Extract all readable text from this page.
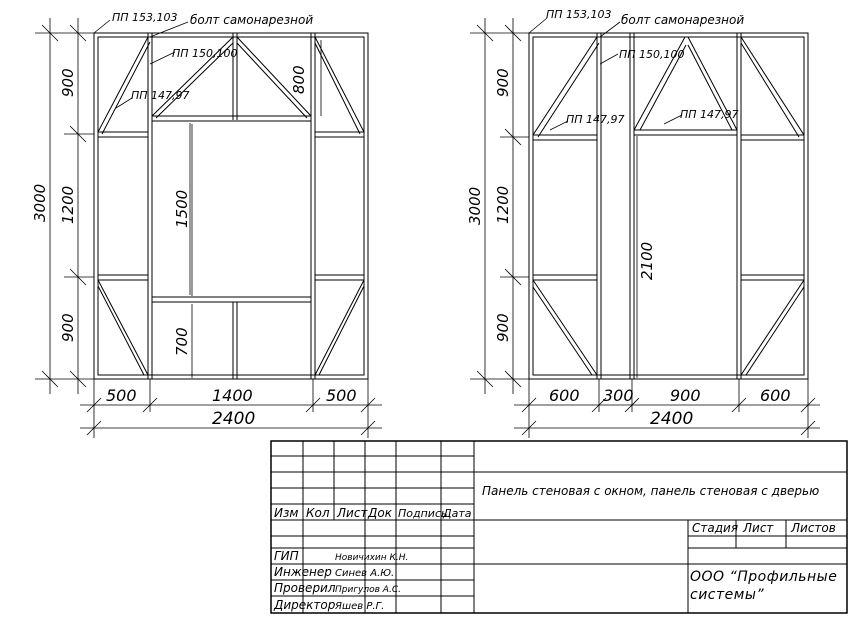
ПП 153,103 болт самонарезной
ПП 150,100
ПП 147,97
3000
900
1200
900
800
1500
700
500	1400	500
2400
ПП 153,103 болт самонарезной
ПП 150,100
ПП 147,97	ПП 147,97
3000
900
1200
900
2100
600 300 900	600
2400
Изм Кол Лист Док Подпись
Дата
Панель стеновая с окном, панель стеновая с дверью
Стадия Лист Листов
ООО “Профильные системы”
ГИП	Новичихин К.Н.
Инженер Синев А.Ю.
Проверил Пригулов А.С.
Директор Яшев Р.Г.
